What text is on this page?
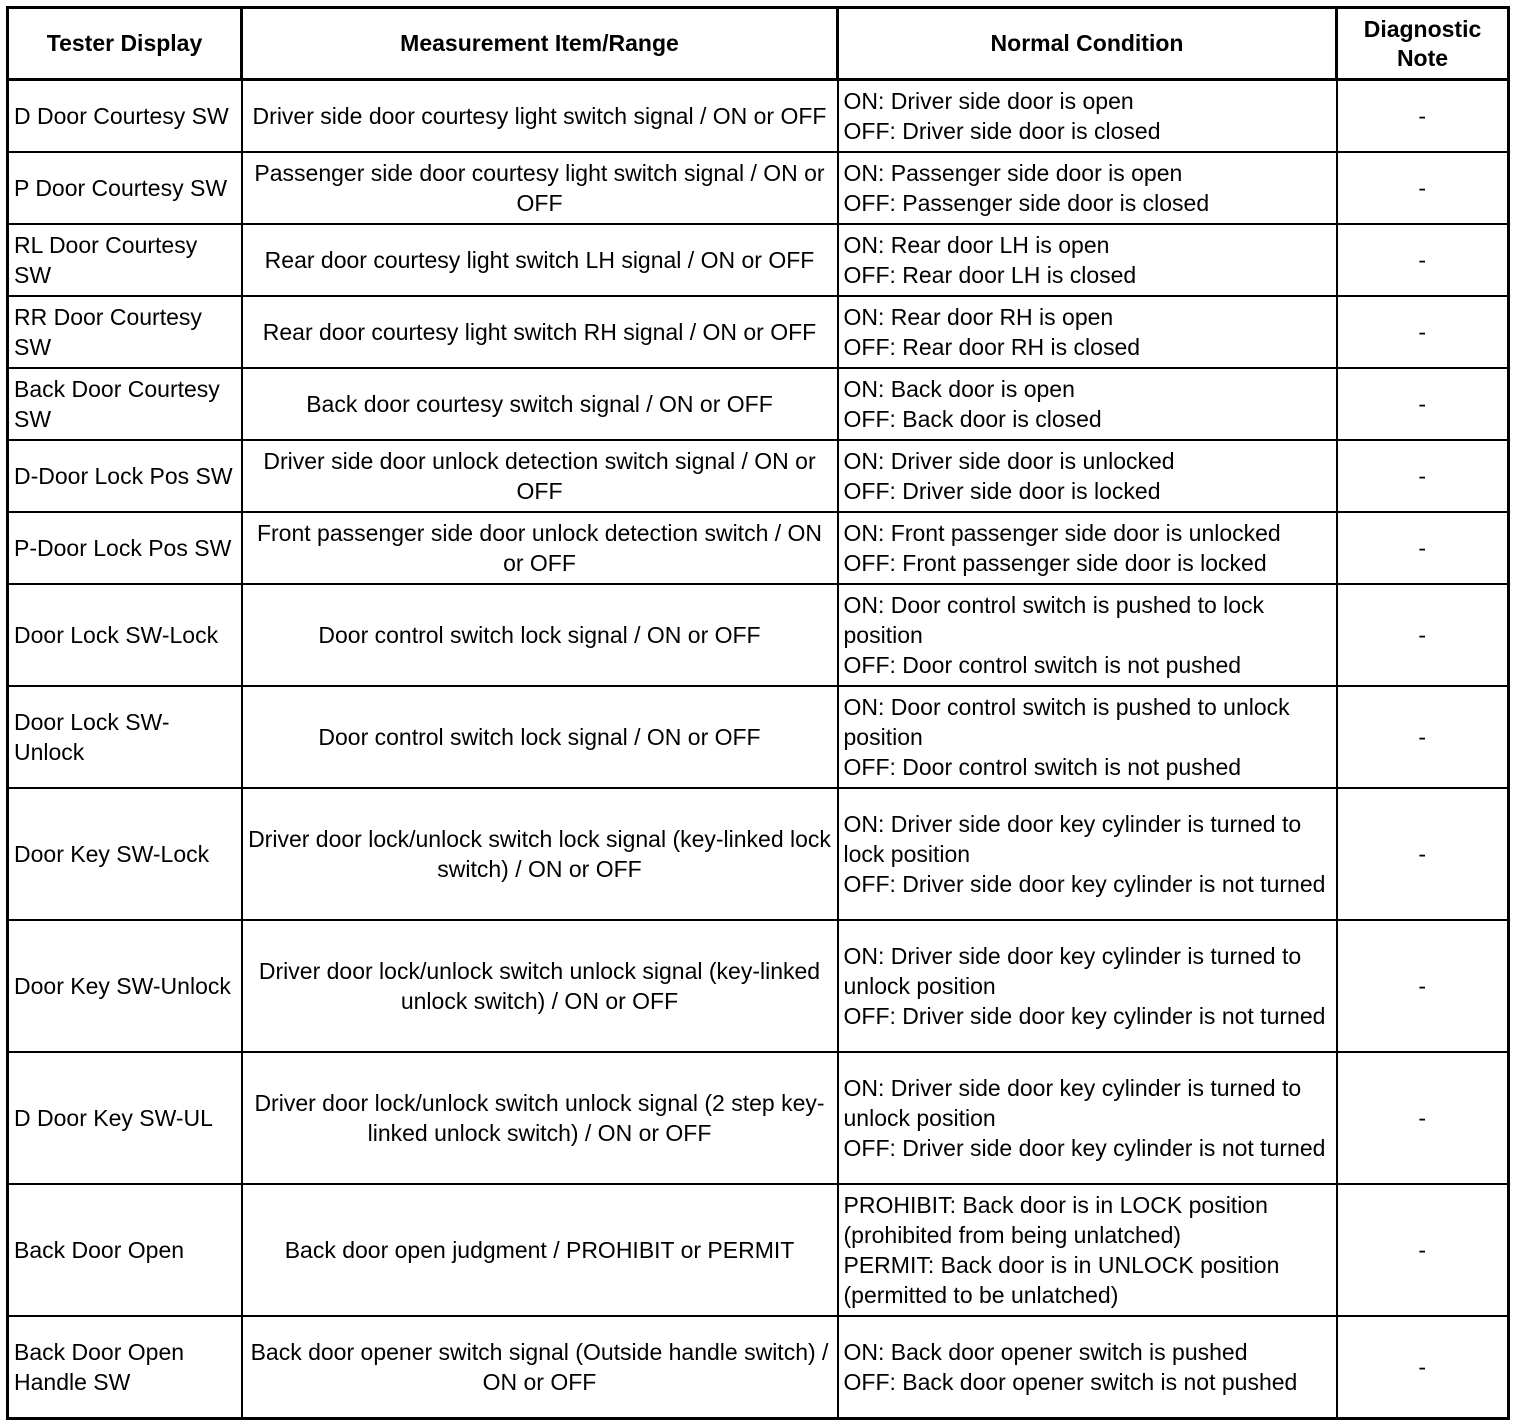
Tester Display	Measurement Item/Range	Normal Condition	Diagnostic
Note

D Door Courtesy SW	Driver side door courtesy light switch signal / ON or OFF	ON: Driver side door is open
OFF: Driver side door is closed	-
P Door Courtesy SW	Passenger side door courtesy light switch signal / ON or OFF	ON: Passenger side door is open
OFF: Passenger side door is closed	-
RL Door Courtesy SW	Rear door courtesy light switch LH signal / ON or OFF	ON: Rear door LH is open
OFF: Rear door LH is closed	-
RR Door Courtesy SW	Rear door courtesy light switch RH signal / ON or OFF	ON: Rear door RH is open
OFF: Rear door RH is closed	-
Back Door Courtesy SW	Back door courtesy switch signal / ON or OFF	ON: Back door is open
OFF: Back door is closed	-
D-Door Lock Pos SW	Driver side door unlock detection switch signal / ON or OFF	ON: Driver side door is unlocked
OFF: Driver side door is locked	-
P-Door Lock Pos SW	Front passenger side door unlock detection switch / ON or OFF	ON: Front passenger side door is unlocked
OFF: Front passenger side door is locked	-
Door Lock SW-Lock	Door control switch lock signal / ON or OFF	ON: Door control switch is pushed to lock position
OFF: Door control switch is not pushed	-
Door Lock SW-Unlock	Door control switch lock signal / ON or OFF	ON: Door control switch is pushed to unlock position
OFF: Door control switch is not pushed	-
Door Key SW-Lock	Driver door lock/unlock switch lock signal (key-linked lock switch) / ON or OFF	ON: Driver side door key cylinder is turned to lock position
OFF: Driver side door key cylinder is not turned	-
Door Key SW-Unlock	Driver door lock/unlock switch unlock signal (key-linked unlock switch) / ON or OFF	ON: Driver side door key cylinder is turned to unlock position
OFF: Driver side door key cylinder is not turned	-
D Door Key SW-UL	Driver door lock/unlock switch unlock signal (2 step key-linked unlock switch) / ON or OFF	ON: Driver side door key cylinder is turned to unlock position
OFF: Driver side door key cylinder is not turned	-
Back Door Open	Back door open judgment / PROHIBIT or PERMIT	PROHIBIT: Back door is in LOCK position (prohibited from being unlatched)
PERMIT: Back door is in UNLOCK position (permitted to be unlatched)	-
Back Door Open Handle SW	Back door opener switch signal (Outside handle switch) / ON or OFF	ON: Back door opener switch is pushed
OFF: Back door opener switch is not pushed	-
